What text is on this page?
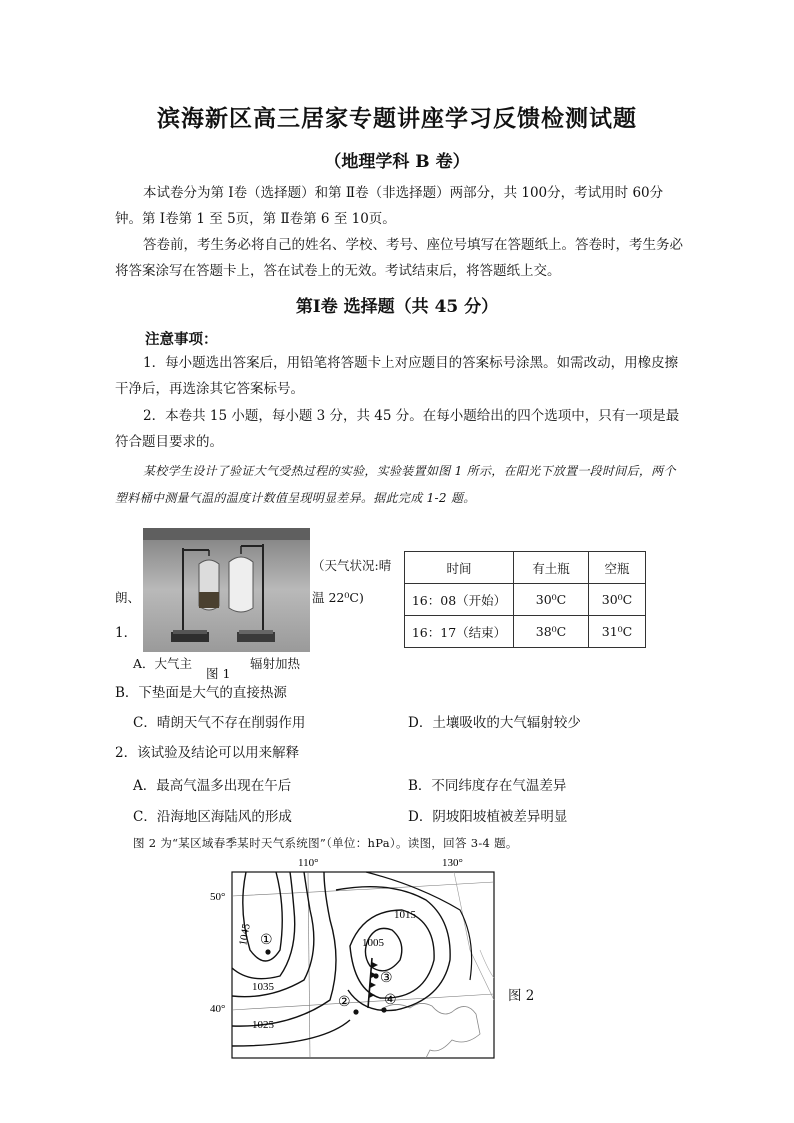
滨海新区高三居家专题讲座学习反馈检测试题
（地理学科 B 卷）
本试卷分为第 Ⅰ卷（选择题）和第 Ⅱ卷（非选择题）两部分，共 100分，考试用时 60分钟。第 Ⅰ卷第 1 至 5页，第 Ⅱ卷第 6 至 10页。
答卷前，考生务必将自己的姓名、学校、考号、座位号填写在答题纸上。答卷时，考生务必将答案涂写在答题卡上，答在试卷上的无效。考试结束后，将答题纸上交。
第Ⅰ卷 选择题（共 45 分）
注意事项：
1．每小题选出答案后，用铅笔将答题卡上对应题目的答案标号涂黑。如需改动，用橡皮擦干净后，再选涂其它答案标号。
2．本卷共 15 小题，每小题 3 分，共 45 分。在每小题给出的四个选项中，只有一项是最符合题目要求的。
某校学生设计了验证大气受热过程的实验，实验装置如图 1 所示，在阳光下放置一段时间后，两个塑料桶中测量气温的温度计数值呈现明显差异。据此完成 1-2 题。
（天气状况:晴
朗、	温 22⁰C)
1．
A．大气主	辐射加热
图 1
时间	有土瓶	空瓶
16：08（开始）	30⁰C	30⁰C
16：17（结束）	38⁰C	31⁰C
B．下垫面是大气的直接热源
C．晴朗天气不存在削弱作用	D．土壤吸收的大气辐射较少
2．该试验及结论可以用来解释
A．最高气温多出现在午后	B．不同纬度存在气温差异
C．沿海地区海陆风的形成	D．阴坡阳坡植被差异明显
图 2 为“某区域春季某时天气系统图”（单位：hPa）。读图，回答 3-4 题。
110°	130°
50°
40°
1045
1035
1025
1015
1005
①
③
② ④	图 2
